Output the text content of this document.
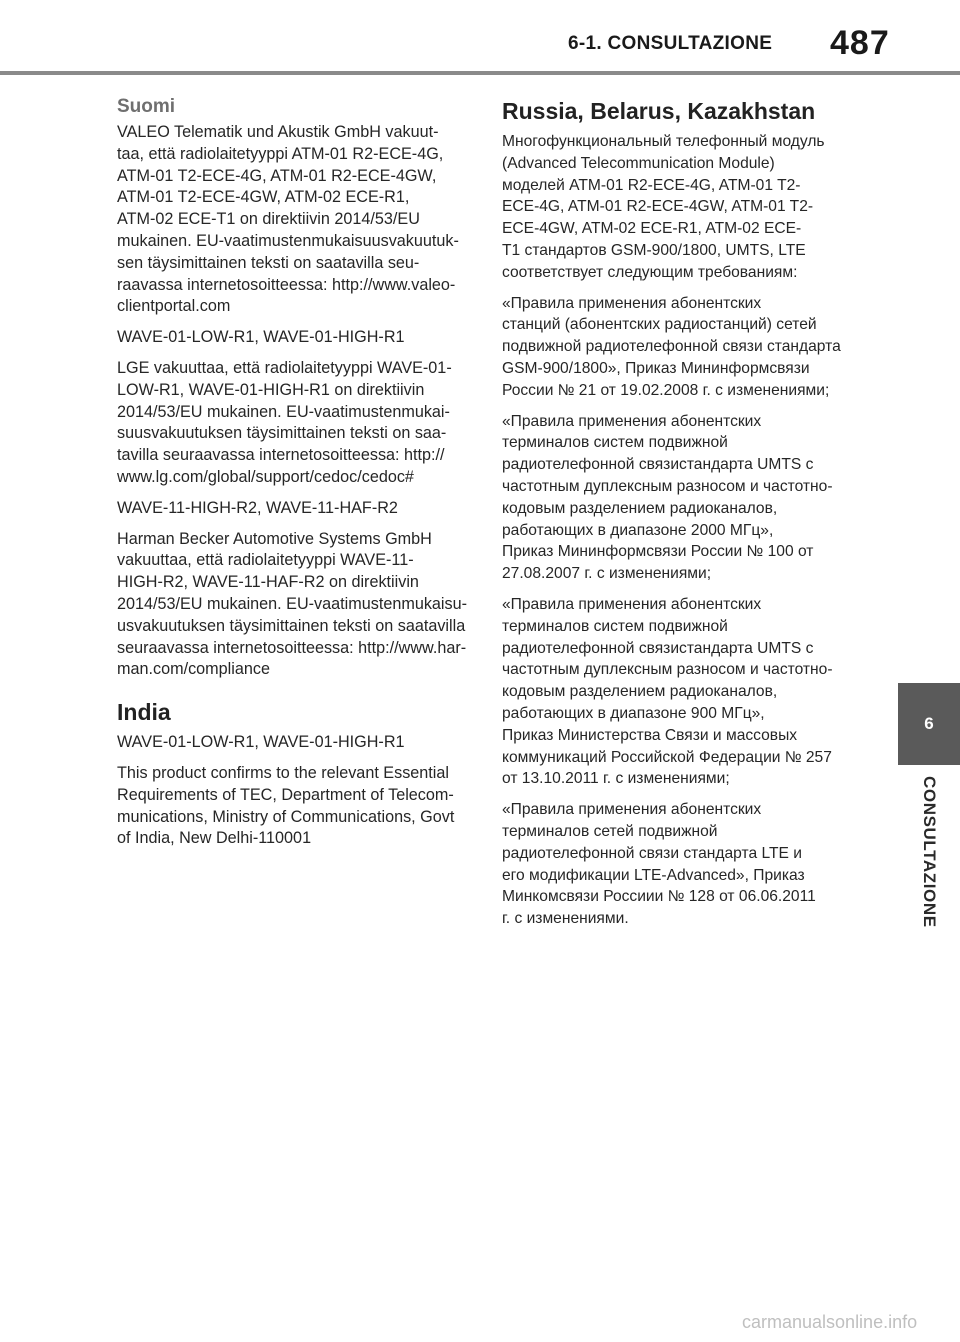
6-1. CONSULTAZIONE 487
Suomi

VALEO Telematik und Akustik GmbH vakuut-
taa, että radiolaitetyyppi ATM-01 R2-ECE-4G,
ATM-01 T2-ECE-4G, ATM-01 R2-ECE-4GW,
ATM-01 T2-ECE-4GW, ATM-02 ECE-R1,
ATM-02 ECE-T1 on direktiivin 2014/53/EU
mukainen. EU-vaatimustenmukaisuusvakuutuk-
sen täysimittainen teksti on saatavilla seu-
raavassa internetosoitteessa: http://www.valeo-
clientportal.com

WAVE-01-LOW-R1, WAVE-01-HIGH-R1

LGE vakuuttaa, että radiolaitetyyppi WAVE-01-
LOW-R1, WAVE-01-HIGH-R1 on direktiivin
2014/53/EU mukainen. EU-vaatimustenmukai-
suusvakuutuksen täysimittainen teksti on saa-
tavilla seuraavassa internetosoitteessa: http://
www.lg.com/global/support/cedoc/cedoc#

WAVE-11-HIGH-R2, WAVE-11-HAF-R2

Harman Becker Automotive Systems GmbH
vakuuttaa, että radiolaitetyyppi WAVE-11-
HIGH-R2, WAVE-11-HAF-R2 on direktiivin
2014/53/EU mukainen. EU-vaatimustenmukaisu-
usvakuutuksen täysimittainen teksti on saatavilla
seuraavassa internetosoitteessa: http://www.har-
man.com/compliance

India

WAVE-01-LOW-R1, WAVE-01-HIGH-R1

This product confirms to the relevant Essential
Requirements of TEC, Department of Telecom-
munications, Ministry of Communications, Govt
of India, New Delhi-110001

Russia, Belarus, Kazakhstan

Многофункциональный телефонный модуль
(Advanced Telecommunication Module)
моделей ATM-01 R2-ECE-4G, ATM-01 T2-
ECE-4G, ATM-01 R2-ECE-4GW, ATM-01 T2-
ECE-4GW, ATM-02 ECE-R1, ATM-02 ECE-
T1 стандартов GSM-900/1800, UMTS, LTE
соответствует следующим требованиям:

«Правила применения абонентских
станций (абонентских радиостанций) сетей
подвижной радиотелефонной связи стандарта
GSM-900/1800», Приказ Мининформсвязи
России № 21 от 19.02.2008 г. с изменениями;

«Правила применения абонентских
терминалов систем подвижной
радиотелефонной связистандарта UMTS с
частотным дуплексным разносом и частотно-
кодовым разделением радиоканалов,
работающих в диапазоне 2000 МГц»,
Приказ Мининформсвязи России № 100 от
27.08.2007 г. с изменениями;

«Правила применения абонентских
терминалов систем подвижной
радиотелефонной связистандарта UMTS с
частотным дуплексным разносом и частотно-
кодовым разделением радиоканалов,
работающих в диапазоне 900 МГц»,
Приказ Министерства Связи и массовых
коммуникаций Российской Федерации № 257
от 13.10.2011 г. с изменениями;

«Правила применения абонентских
терминалов сетей подвижной
радиотелефонной связи стандарта LTE и
его модификации LTE-Advanced», Приказ
Минкомсвязи Россиии № 128 от 06.06.2011
г. с изменениями.

6
CONSULTAZIONE
carmanualsonline.info
